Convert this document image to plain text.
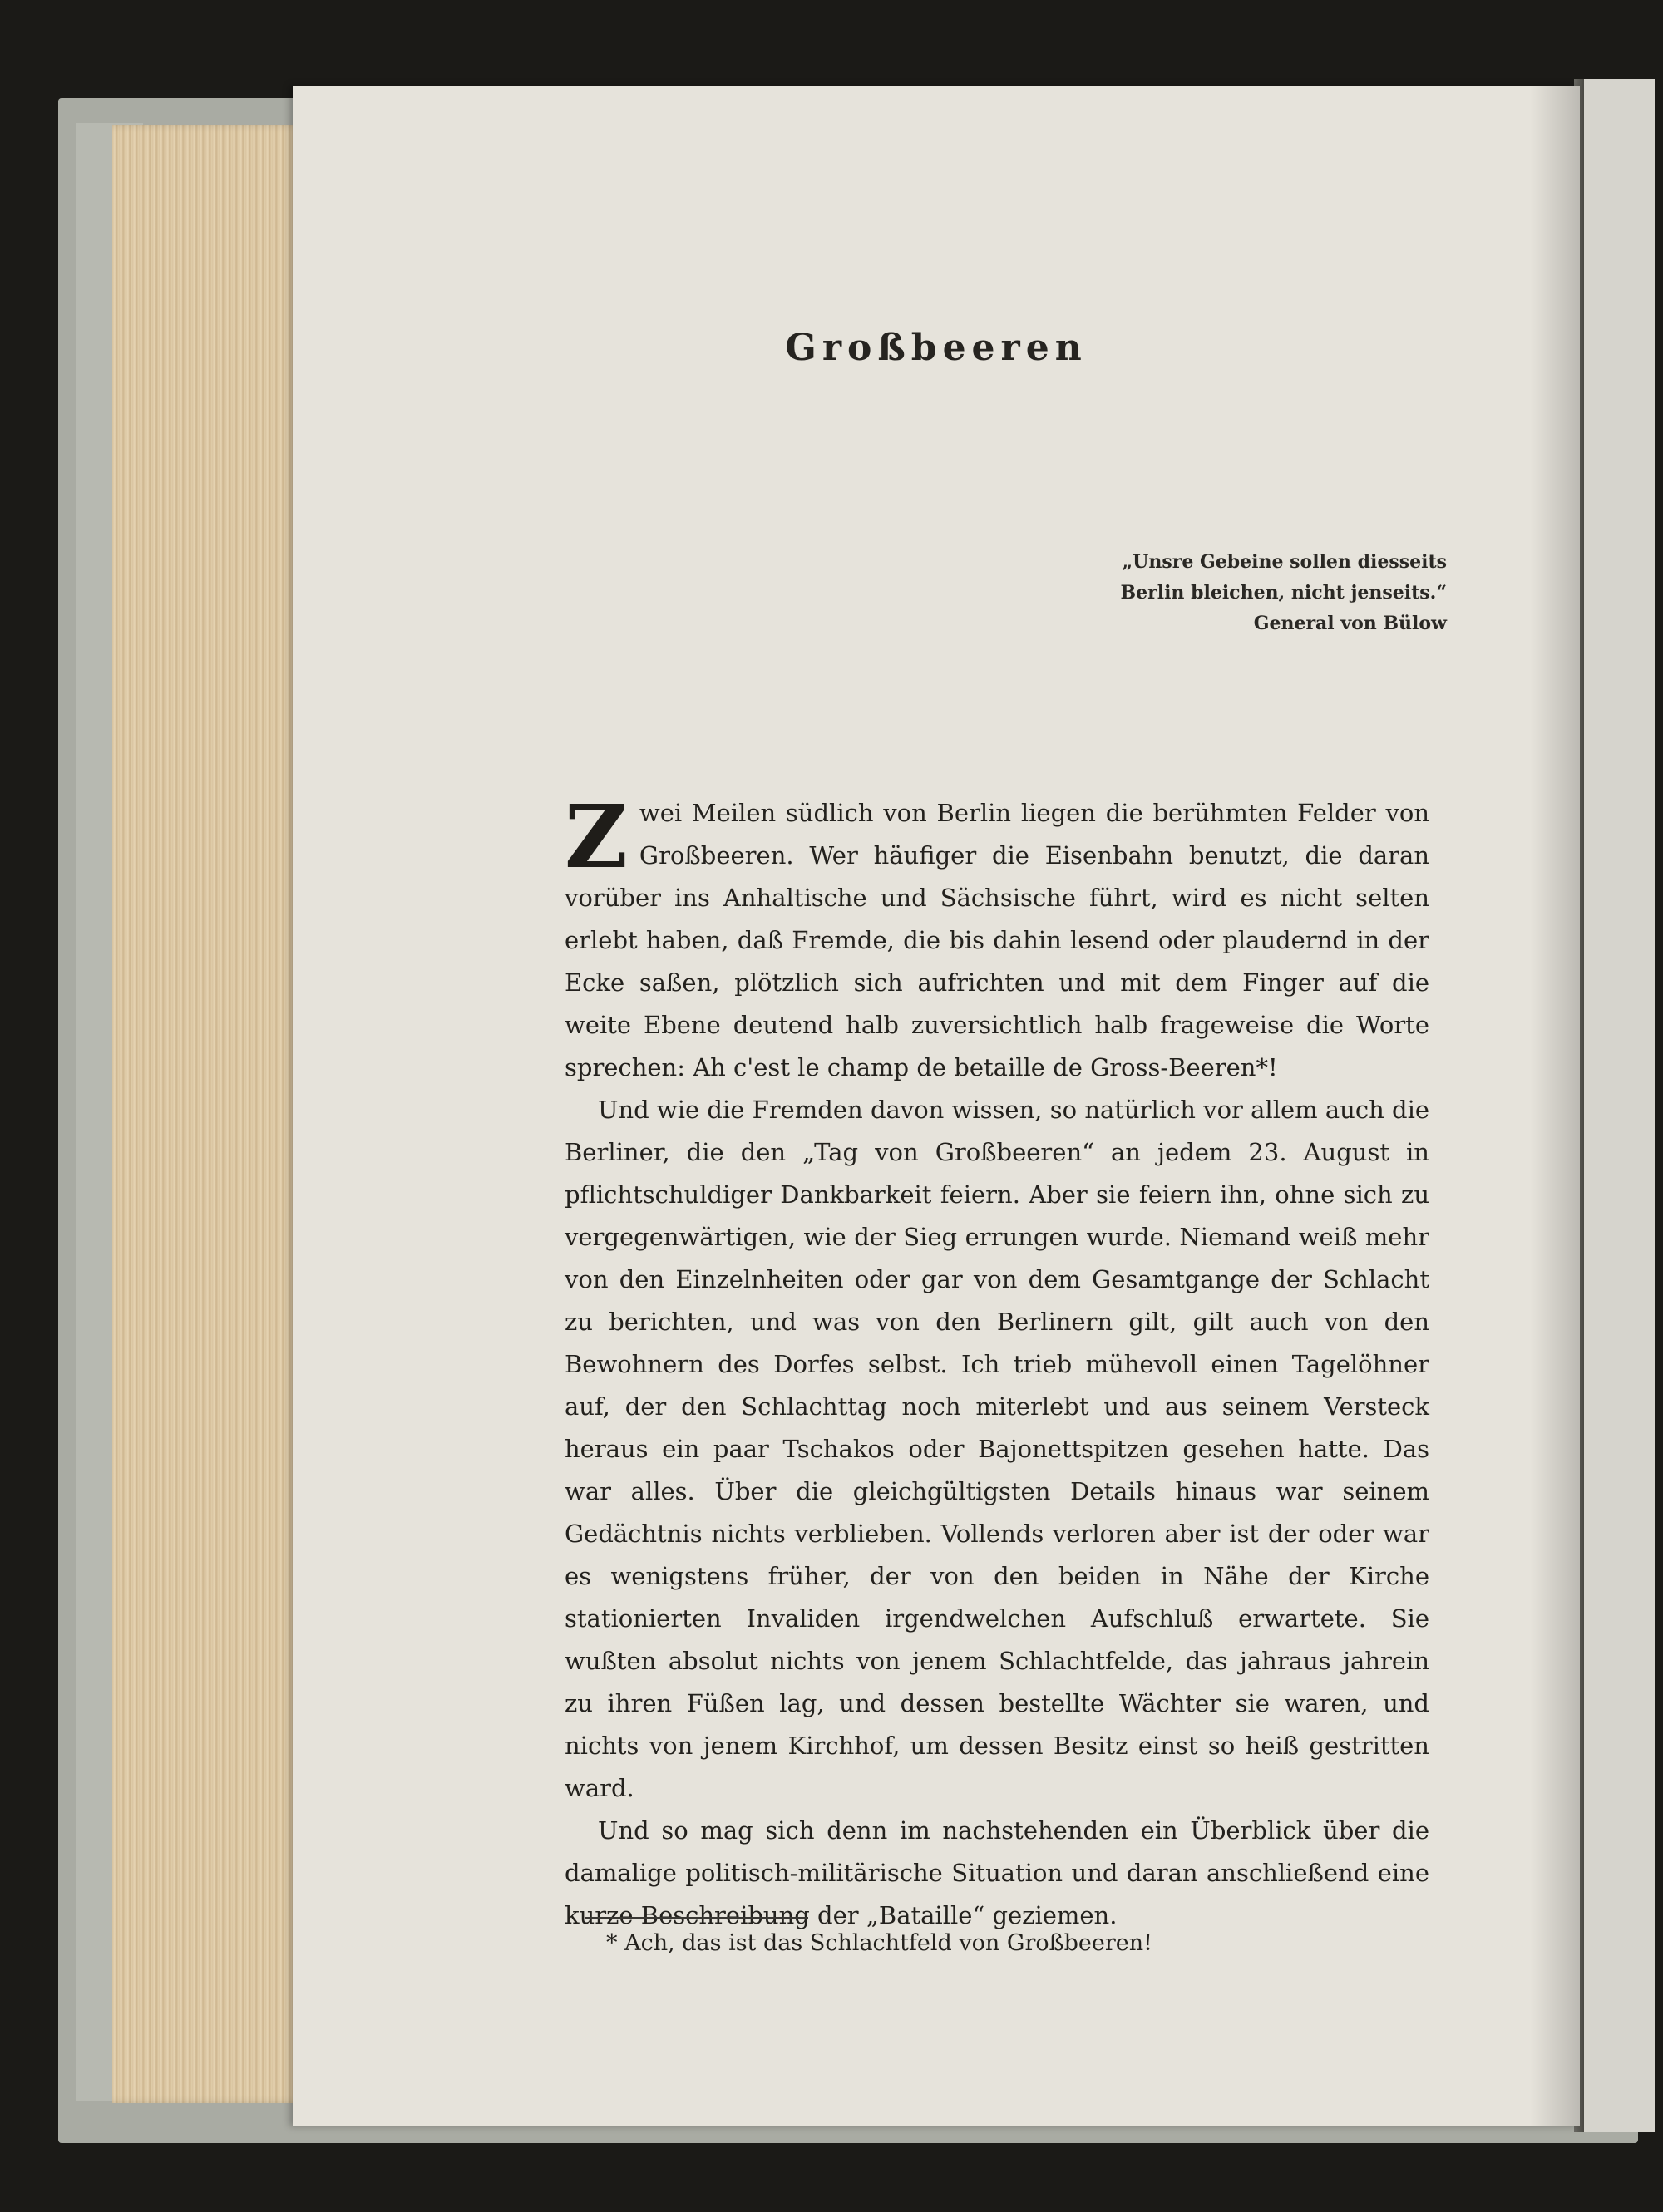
Großbeeren
„Unsre Gebeine sollen diesseits
Berlin bleichen, nicht jenseits.“
General von Bülow

Zwei Meilen südlich von Berlin liegen die berühmten Felder von Großbeeren. Wer häufiger die Eisenbahn benutzt, die daran vorüber ins Anhaltische und Sächsische führt, wird es nicht selten erlebt haben, daß Fremde, die bis dahin lesend oder plaudernd in der Ecke saßen, plötzlich sich aufrichten und mit dem Finger auf die weite Ebene deutend halb zuversichtlich halb frageweise die Worte sprechen: Ah c'est le champ de betaille de Gross-Beeren*!

Und wie die Fremden davon wissen, so natürlich vor allem auch die Berliner, die den „Tag von Großbeeren“ an jedem 23. August in pflichtschuldiger Dankbarkeit feiern. Aber sie feiern ihn, ohne sich zu vergegenwärtigen, wie der Sieg errungen wurde. Niemand weiß mehr von den Einzelnheiten oder gar von dem Gesamtgange der Schlacht zu berichten, und was von den Berlinern gilt, gilt auch von den Bewohnern des Dorfes selbst. Ich trieb mühevoll einen Tagelöhner auf, der den Schlachttag noch miterlebt und aus seinem Versteck heraus ein paar Tschakos oder Bajonettspitzen gesehen hatte. Das war alles. Über die gleichgültigsten Details hinaus war seinem Gedächtnis nichts verblieben. Vollends verloren aber ist der oder war es wenigstens früher, der von den beiden in Nähe der Kirche stationierten Invaliden irgendwelchen Aufschluß erwartete. Sie wußten absolut nichts von jenem Schlachtfelde, das jahraus jahrein zu ihren Füßen lag, und dessen bestellte Wächter sie waren, und nichts von jenem Kirchhof, um dessen Besitz einst so heiß gestritten ward.

Und so mag sich denn im nachstehenden ein Überblick über die damalige politisch-militärische Situation und daran anschließend eine kurze Beschreibung der „Bataille“ geziemen.

* Ach, das ist das Schlachtfeld von Großbeeren!
